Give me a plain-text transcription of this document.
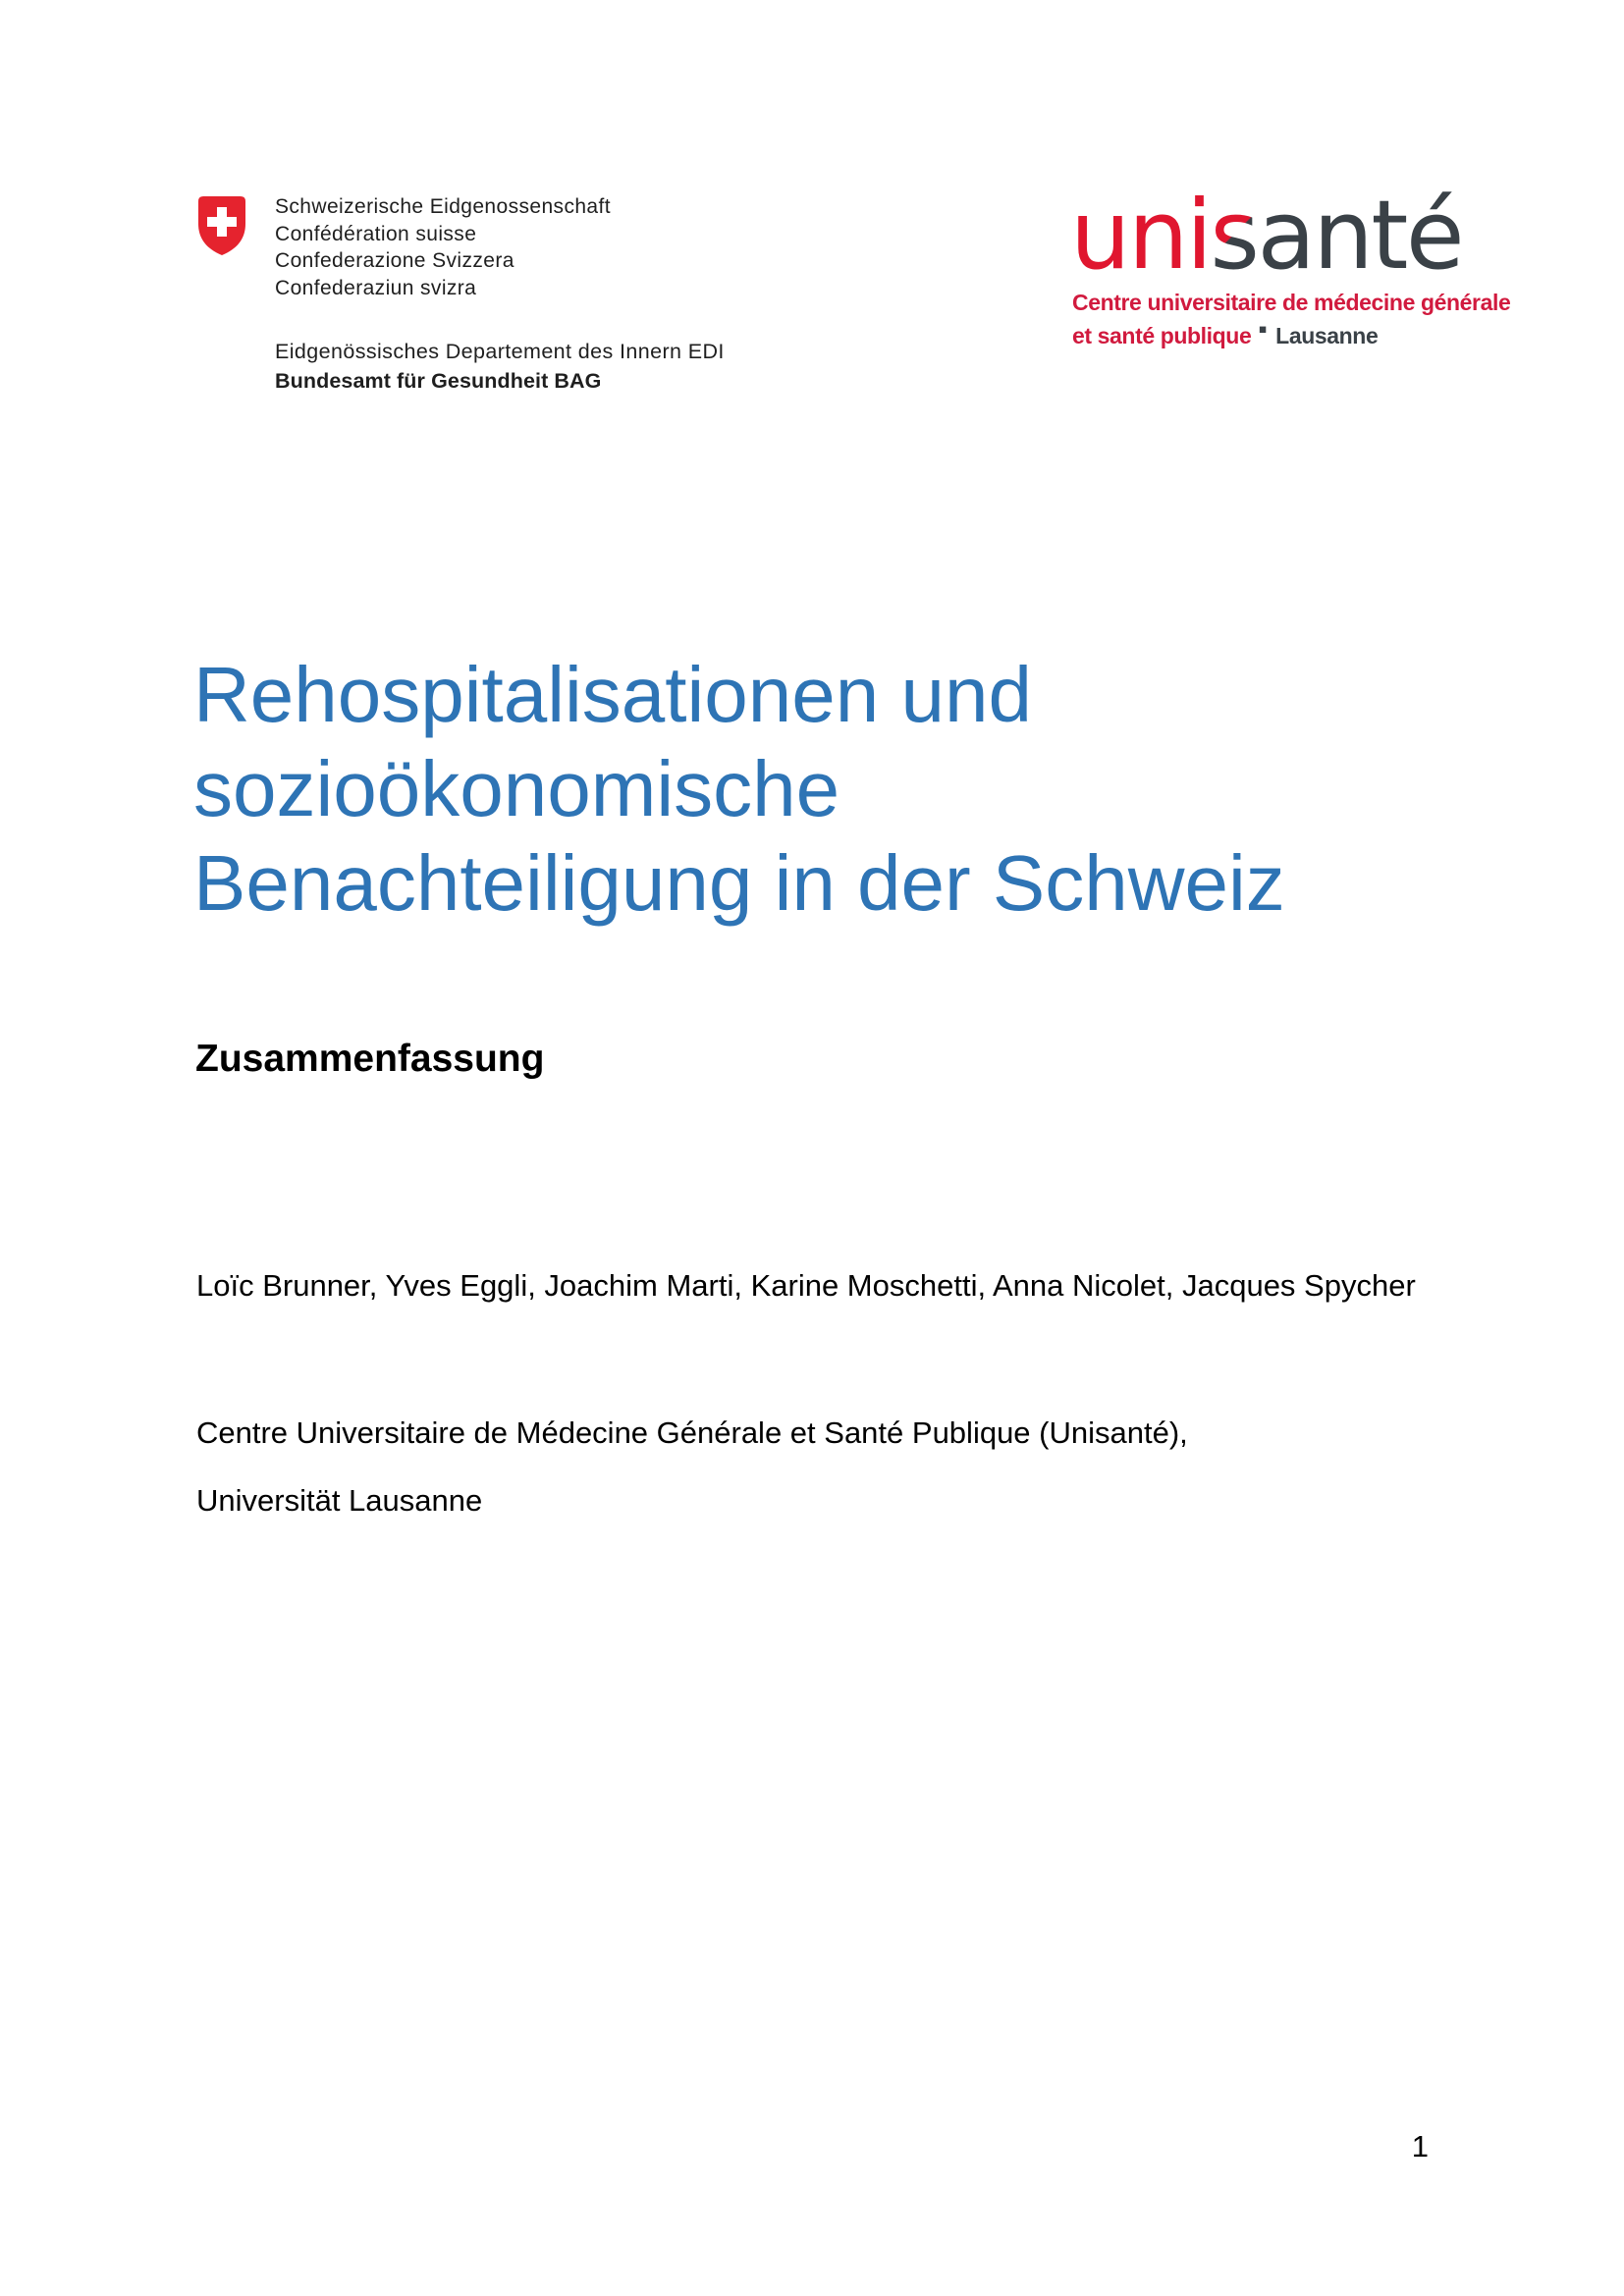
Schweizerische Eidgenossenschaft
Confédération suisse
Confederazione Svizzera
Confederaziun svizra
Eidgenössisches Departement des Innern EDI
Bundesamt für Gesundheit BAG
unisanté
Centre universitaire de médecine générale
et santé publique ▪ Lausanne
Rehospitalisationen und
sozioökonomische
Benachteiligung in der Schweiz
Zusammenfassung

Loïc Brunner, Yves Eggli, Joachim Marti, Karine Moschetti, Anna Nicolet, Jacques Spycher

Centre Universitaire de Médecine Générale et Santé Publique (Unisanté),

Universität Lausanne

1
